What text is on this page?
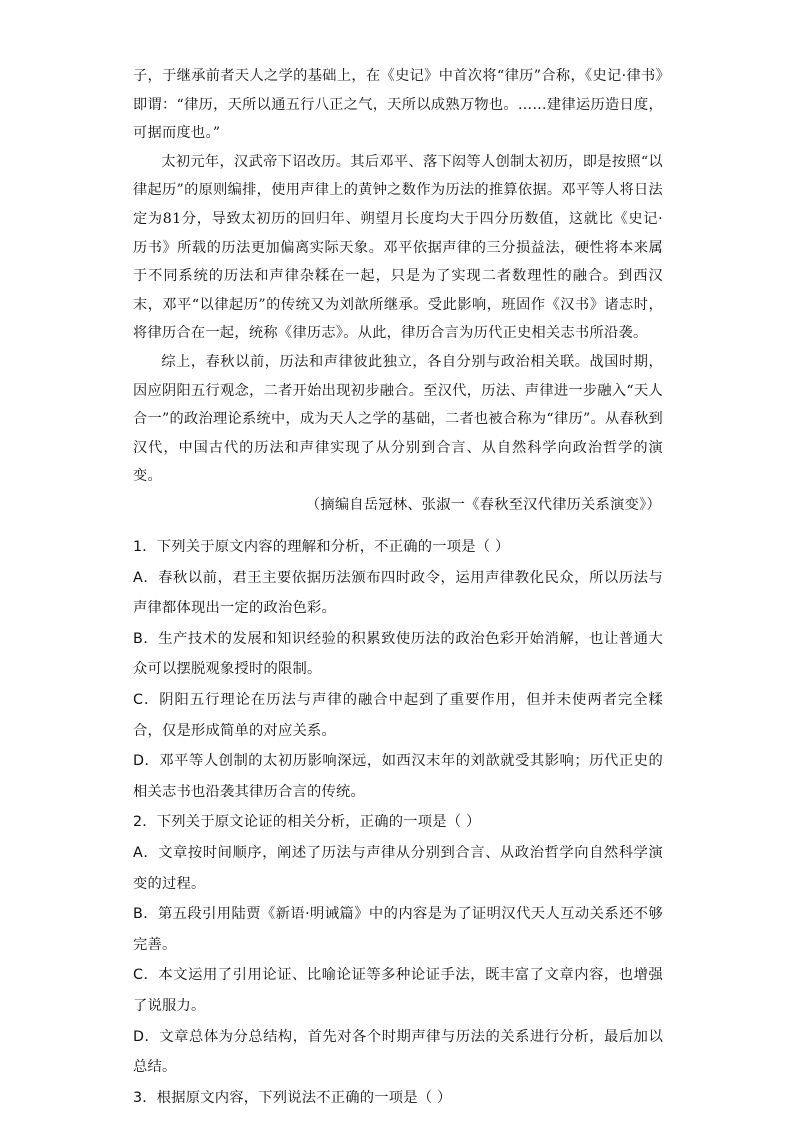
子，于继承前者天人之学的基础上，在《史记》中首次将“律历”合称，《史记·律书》即谓：“律历，天所以通五行八正之气，天所以成熟万物也。……建律运历造日度，可据而度也。”

太初元年，汉武帝下诏改历。其后邓平、落下闳等人创制太初历，即是按照“以律起历”的原则编排，使用声律上的黄钟之数作为历法的推算依据。邓平等人将日法定为81分，导致太初历的回归年、朔望月长度均大于四分历数值，这就比《史记·历书》所载的历法更加偏离实际天象。邓平依据声律的三分损益法，硬性将本来属于不同系统的历法和声律杂糅在一起，只是为了实现二者数理性的融合。到西汉末，邓平“以律起历”的传统又为刘歆所继承。受此影响，班固作《汉书》诸志时，将律历合在一起，统称《律历志》。从此，律历合言为历代正史相关志书所沿袭。

综上，春秋以前，历法和声律彼此独立，各自分别与政治相关联。战国时期，因应阴阳五行观念，二者开始出现初步融合。至汉代，历法、声律进一步融入“天人合一”的政治理论系统中，成为天人之学的基础，二者也被合称为“律历”。从春秋到汉代，中国古代的历法和声律实现了从分别到合言、从自然科学向政治哲学的演变。

（摘编自岳冠林、张淑一《春秋至汉代律历关系演变》）

1．下列关于原文内容的理解和分析，不正确的一项是（ ）

A．春秋以前，君王主要依据历法颁布四时政令，运用声律教化民众，所以历法与声律都体现出一定的政治色彩。

B．生产技术的发展和知识经验的积累致使历法的政治色彩开始消解，也让普通大众可以摆脱观象授时的限制。

C．阴阳五行理论在历法与声律的融合中起到了重要作用，但并未使两者完全糅合，仅是形成简单的对应关系。

D．邓平等人创制的太初历影响深远，如西汉末年的刘歆就受其影响；历代正史的相关志书也沿袭其律历合言的传统。

2．下列关于原文论证的相关分析，正确的一项是（ ）

A．文章按时间顺序，阐述了历法与声律从分别到合言、从政治哲学向自然科学演变的过程。

B．第五段引用陆贾《新语·明诫篇》中的内容是为了证明汉代天人互动关系还不够完善。

C．本文运用了引用论证、比喻论证等多种论证手法，既丰富了文章内容，也增强了说服力。

D．文章总体为分总结构，首先对各个时期声律与历法的关系进行分析，最后加以总结。

3．根据原文内容，下列说法不正确的一项是（ ）
